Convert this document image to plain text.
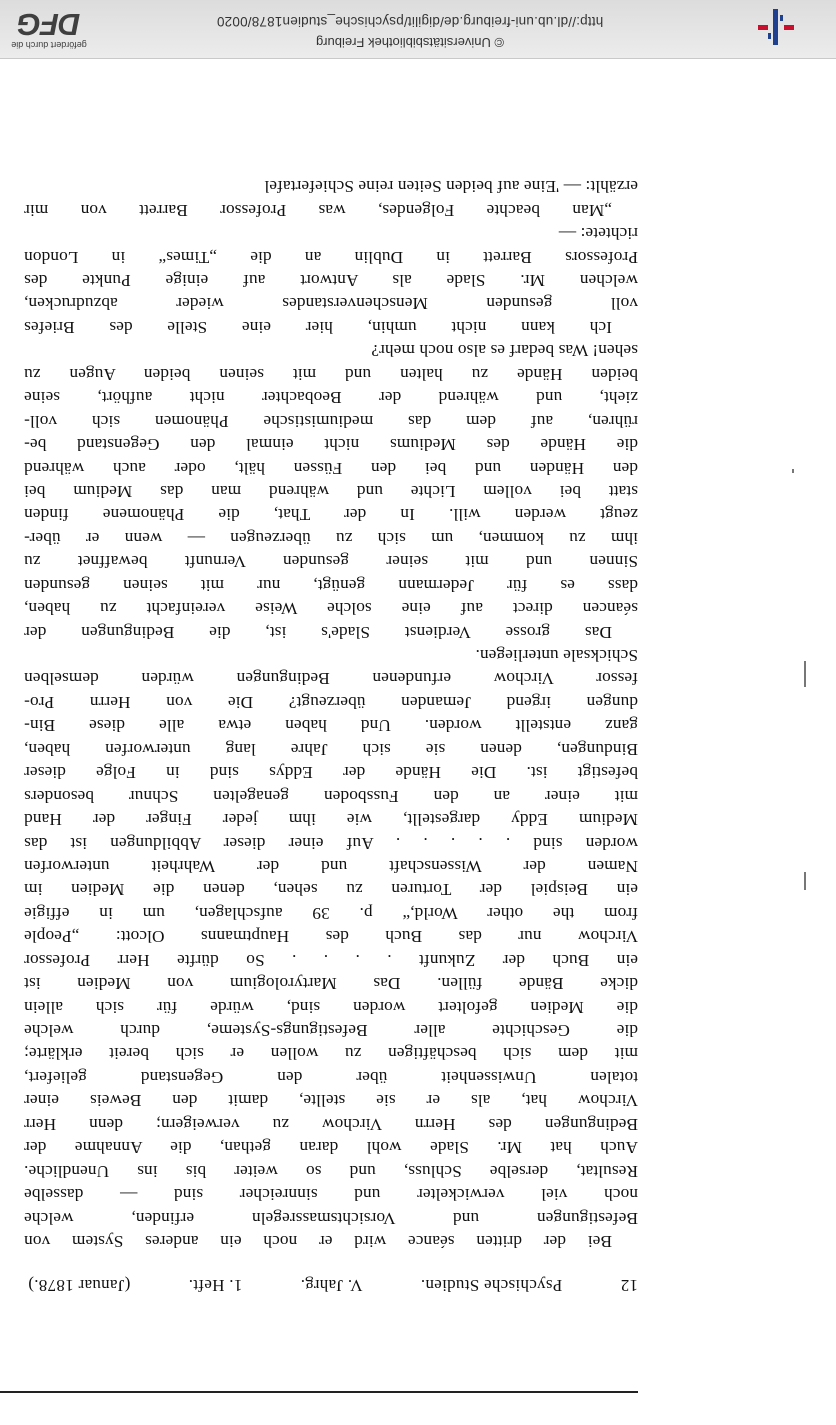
12
Psychische Studien.
V. Jahrg.
1. Heft.
(Januar 1878.)
Bei der dritten séance wird er noch ein anderes System von
Befestigungen und Vorsichtsmassregeln erfinden, welche
noch viel verwickelter und sinnreicher sind — dasselbe
Resultat, derselbe Schluss, und so weiter bis ins Unendliche.
Auch hat Mr. Slade wohl daran gethan, die Annahme der
Bedingungen des Herrn Virchow zu verweigern; denn Herr
Virchow hat, als er sie stellte, damit den Beweis einer
totalen Unwissenheit über den Gegenstand geliefert,
mit dem sich beschäftigen zu wollen er sich bereit erklärte;
die Geschichte aller Befestigungs-Systeme, durch welche
die Medien gefoltert worden sind, würde für sich allein
dicke Bände füllen. Das Martyrologium von Medien ist
ein Buch der Zukunft . . . . So dürfte Herr Professor
Virchow nur das Buch des Hauptmanns Olcott: „People
from the other World,“ p. 39 aufschlagen, um in effigie
ein Beispiel der Torturen zu sehen, denen die Medien im
Namen der Wissenschaft und der Wahrheit unterworfen
worden sind . . . . . Auf einer dieser Abbildungen ist das
Medium Eddy dargestellt, wie ihm jeder Finger der Hand
mit einer an den Fussboden genagelten Schnur besonders
befestigt ist. Die Hände der Eddys sind in Folge dieser
Bindungen, denen sie sich Jahre lang unterworfen haben,
ganz entstellt worden. Und haben etwa alle diese Bin-
dungen irgend Jemanden überzeugt? Die von Herrn Pro-
fessor Virchow erfundenen Bedingungen würden demselben
Schicksale unterliegen.
Das grosse Verdienst Slade's ist, die Bedingungen der
séancen direct auf eine solche Weise vereinfacht zu haben,
dass es für Jedermann genügt, nur mit seinen gesunden
Sinnen und mit seiner gesunden Vernunft bewaffnet zu
ihm zu kommen, um sich zu überzeugen — wenn er über-
zeugt werden will. In der That, die Phänomene finden
statt bei vollem Lichte und während man das Medium bei
den Händen und bei den Füssen hält, oder auch während
die Hände des Mediums nicht einmal den Gegenstand be-
rühren, auf dem das mediumistische Phänomen sich voll-
zieht, und während der Beobachter nicht aufhört, seine
beiden Hände zu halten und mit seinen beiden Augen zu
sehen! Was bedarf es also noch mehr?
Ich kann nicht umhin, hier eine Stelle des Briefes
voll gesunden Menschenverstandes wieder abzudrucken,
welchen Mr. Slade als Antwort auf einige Punkte des
Professors Barrett in Dublin an die „Times“ in London
richtete: —
„Man beachte Folgendes, was Professor Barrett von mir
erzählt: — 'Eine auf beiden Seiten reine Schiefertafel
© Universitätsbibliothek Freiburg
http://dl.ub.uni-freiburg.de/digilit/psychische_studien1878/0020
gefördert durch die
DFG
